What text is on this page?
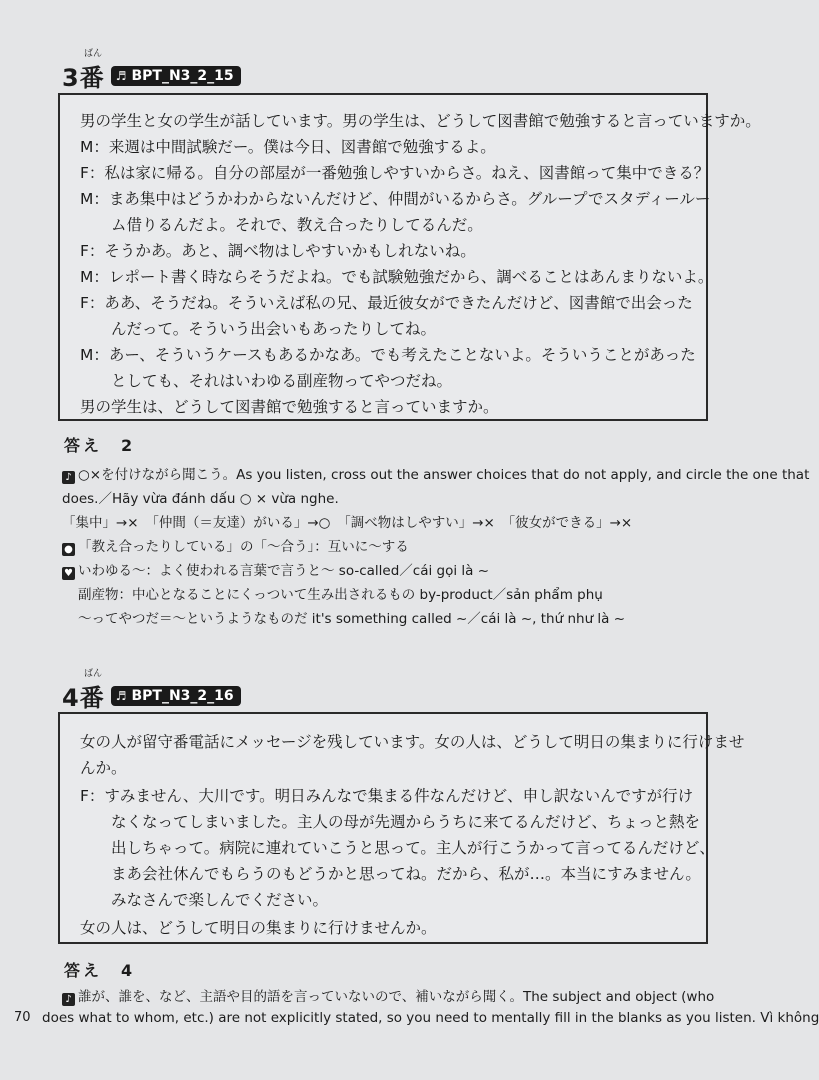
ばん
3番 ♬ BPT_N3_2_15
男の学生と女の学生が話しています。男の学生は、どうして図書館で勉強すると言っていますか。
M：来週は中間試験だー。僕は今日、図書館で勉強するよ。
F：私は家に帰る。自分の部屋が一番勉強しやすいからさ。ねえ、図書館って集中できる？
M：まあ集中はどうかわからないんだけど、仲間がいるからさ。グループでスタディールー
　　ム借りるんだよ。それで、教え合ったりしてるんだ。
F：そうかあ。あと、調べ物はしやすいかもしれないね。
M：レポート書く時ならそうだよね。でも試験勉強だから、調べることはあんまりないよ。
F：ああ、そうだね。そういえば私の兄、最近彼女ができたんだけど、図書館で出会った
　　んだって。そういう出会いもあったりしてね。
M：あー、そういうケースもあるかなあ。でも考えたことないよ。そういうことがあった
　　としても、それはいわゆる副産物ってやつだね。
男の学生は、どうして図書館で勉強すると言っていますか。
答え　2
♪ ○×を付けながら聞こう。As you listen, cross out the answer choices that do not apply, and circle the one that
does.／Hãy vừa đánh dấu ○ × vừa nghe.
「集中」→×　「仲間（＝友達）がいる」→○　「調べ物はしやすい」→×　「彼女ができる」→×
● 「教え合ったりしている」の「〜合う」：互いに〜する
♥ いわゆる〜：よく使われる言葉で言うと〜 so-called／cái gọi là ~
副産物：中心となることにくっついて生み出されるもの by-product／sản phẩm phụ
〜ってやつだ＝〜というようなものだ it's something called ~／cái là ~, thứ như là ~
ばん
4番 ♬ BPT_N3_2_16
女の人が留守番電話にメッセージを残しています。女の人は、どうして明日の集まりに行けませ
んか。
F：すみません、大川です。明日みんなで集まる件なんだけど、申し訳ないんですが行け
　　なくなってしまいました。主人の母が先週からうちに来てるんだけど、ちょっと熱を
　　出しちゃって。病院に連れていこうと思って。主人が行こうかって言ってるんだけど、
　　まあ会社休んでもらうのもどうかと思ってね。だから、私が…。本当にすみません。
　　みなさんで楽しんでください。
女の人は、どうして明日の集まりに行けませんか。
答え　4
♪ 誰が、誰を、など、主語や目的語を言っていないので、補いながら聞く。The subject and object (who
does what to whom, etc.) are not explicitly stated, so you need to mentally fill in the blanks as you listen. Vì không
70
